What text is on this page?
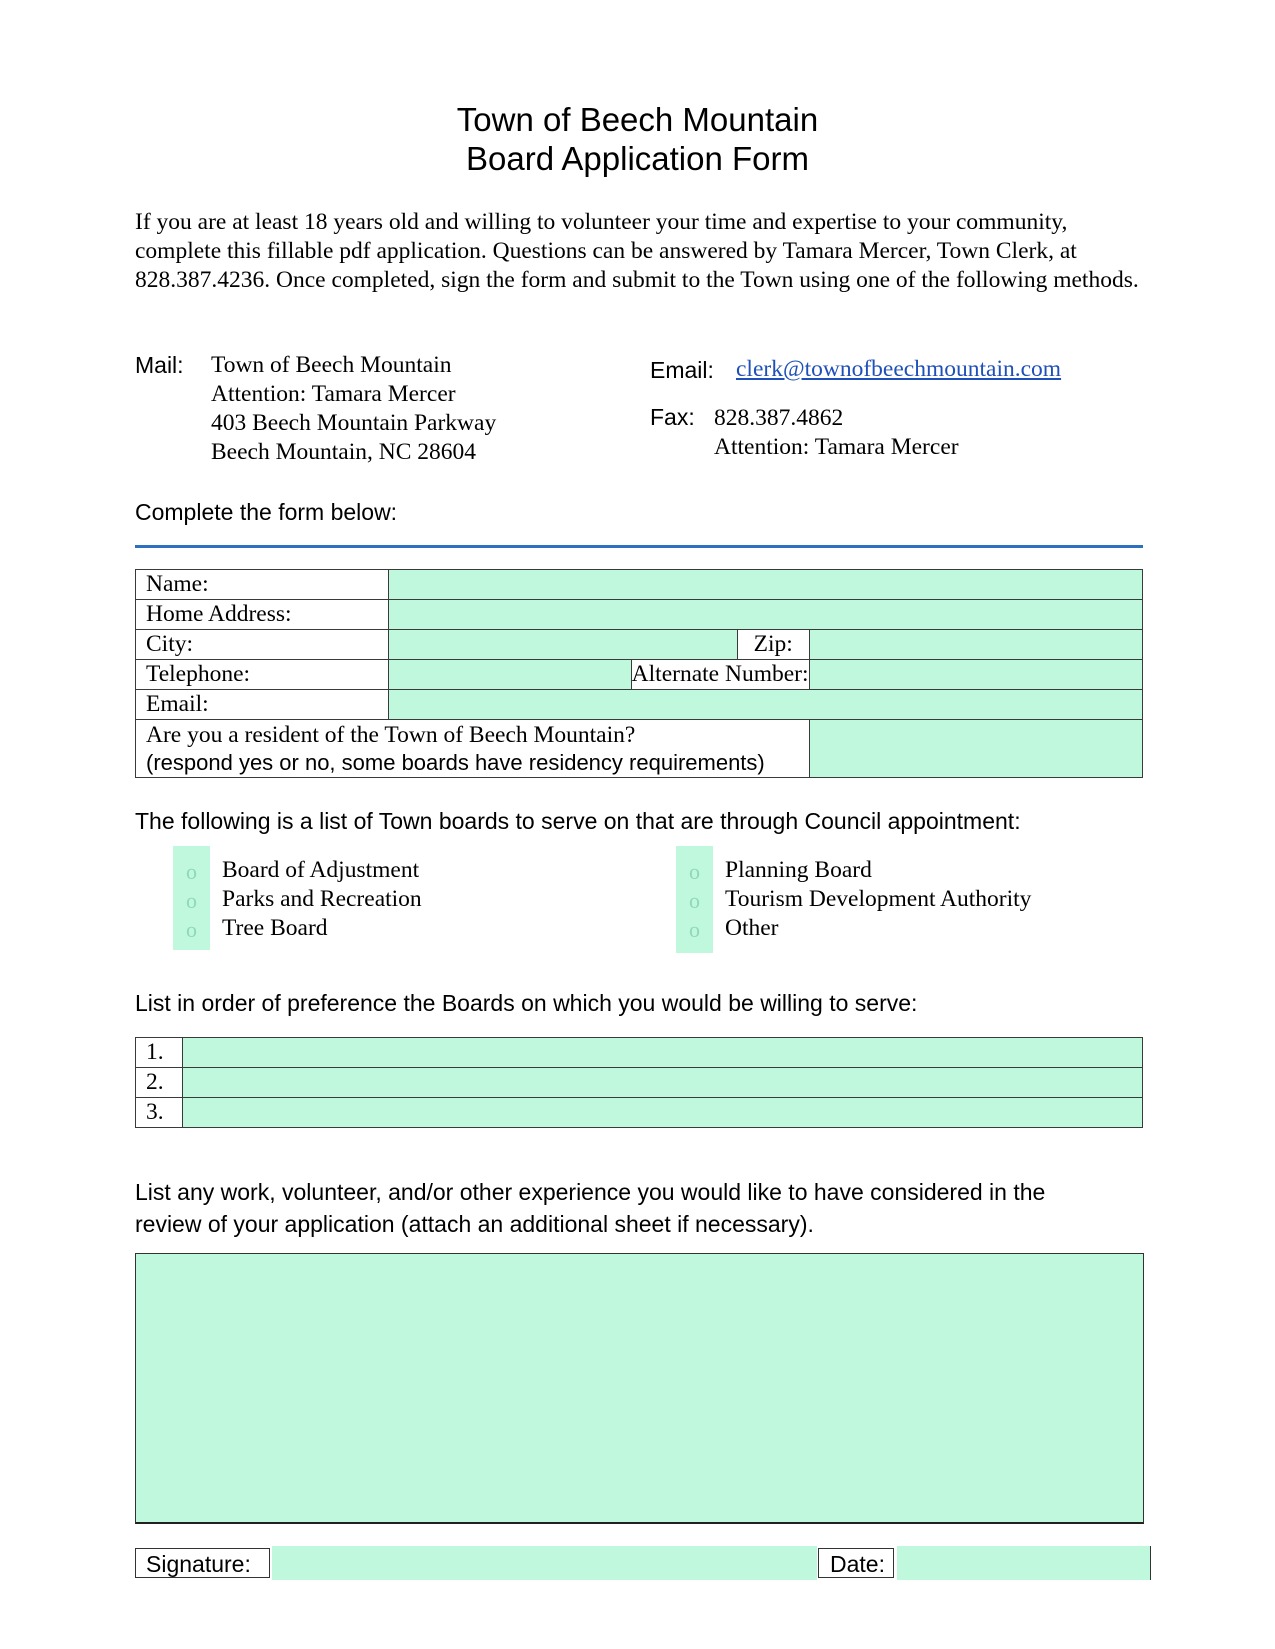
Town of Beech Mountain
Board Application Form
If you are at least 18 years old and willing to volunteer your time and expertise to your community, complete this fillable pdf application. Questions can be answered by Tamara Mercer, Town Clerk, at 828.387.4236. Once completed, sign the form and submit to the Town using one of the following methods.
Mail: Town of Beech Mountain
Attention: Tamara Mercer
403 Beech Mountain Parkway
Beech Mountain, NC 28604
Email: clerk@townofbeechmountain.com
Fax: 828.387.4862
Attention: Tamara Mercer
Complete the form below:
Name:				
Home Address:				
City:			Zip:	
Telephone:		Alternate Number:		
Email:				

Are you a resident of the Town of Beech Mountain?
(respond yes or no, some boards have residency requirements)				

The following is a list of Town boards to serve on that are through Council appointment:
o
o
o
o
o
o
Board of Adjustment
Parks and Recreation
Tree Board
Planning Board
Tourism Development Authority
Other
List in order of preference the Boards on which you would be willing to serve:
1.	
2.	
3.	
List any work, volunteer, and/or other experience you would like to have considered in the
review of your application (attach an additional sheet if necessary).
Signature:	Date:
